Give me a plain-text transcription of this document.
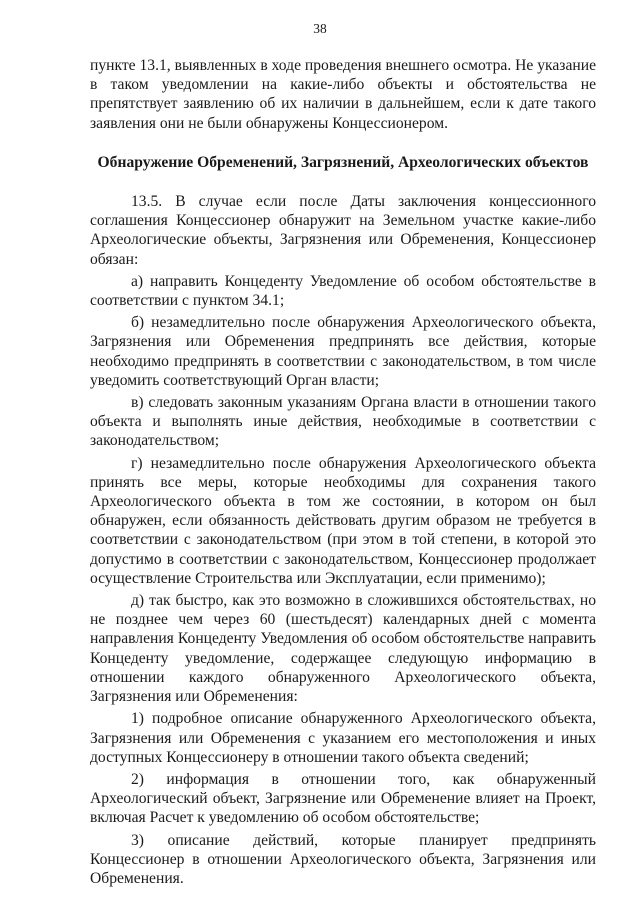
38

пункте 13.1, выявленных в ходе проведения внешнего осмотра. Не указание в таком уведомлении на какие-либо объекты и обстоятельства не препятствует заявлению об их наличии в дальнейшем, если к дате такого заявления они не были обнаружены Концессионером.

Обнаружение Обременений, Загрязнений, Археологических объектов

13.5. В случае если после Даты заключения концессионного соглашения Концессионер обнаружит на Земельном участке какие-либо Археологические объекты, Загрязнения или Обременения, Концессионер обязан:

а) направить Концеденту Уведомление об особом обстоятельстве в соответствии с пунктом 34.1;

б) незамедлительно после обнаружения Археологического объекта, Загрязнения или Обременения предпринять все действия, которые необходимо предпринять в соответствии с законодательством, в том числе уведомить соответствующий Орган власти;

в) следовать законным указаниям Органа власти в отношении такого объекта и выполнять иные действия, необходимые в соответствии с законодательством;

г) незамедлительно после обнаружения Археологического объекта принять все меры, которые необходимы для сохранения такого Археологического объекта в том же состоянии, в котором он был обнаружен, если обязанность действовать другим образом не требуется в соответствии с законодательством (при этом в той степени, в которой это допустимо в соответствии с законодательством, Концессионер продолжает осуществление Строительства или Эксплуатации, если применимо);

д) так быстро, как это возможно в сложившихся обстоятельствах, но не позднее чем через 60 (шестьдесят) календарных дней с момента направления Концеденту Уведомления об особом обстоятельстве направить Концеденту уведомление, содержащее следующую информацию в отношении каждого обнаруженного Археологического объекта, Загрязнения или Обременения:

1) подробное описание обнаруженного Археологического объекта, Загрязнения или Обременения с указанием его местоположения и иных доступных Концессионеру в отношении такого объекта сведений;

2) информация в отношении того, как обнаруженный Археологический объект, Загрязнение или Обременение влияет на Проект, включая Расчет к уведомлению об особом обстоятельстве;

3) описание действий, которые планирует предпринять Концессионер в отношении Археологического объекта, Загрязнения или Обременения.
